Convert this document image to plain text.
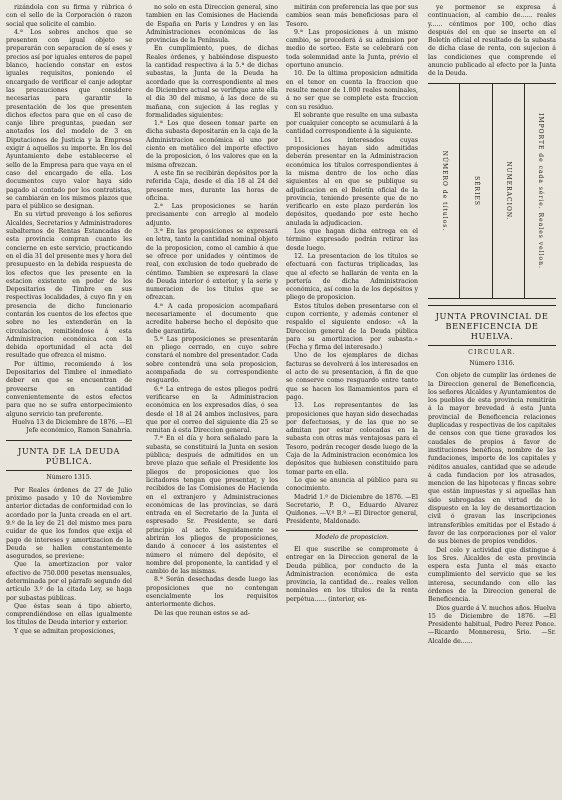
rizándola con su firma y rúbrica ó con el sello de la Corporación ó razon social que solicite el cambio.

4.ª Los sobres anchos que se presenten con igual objeto se prepararán con separacion de sí eses y precios así por iguales enteros de papel blanco, haciendo constar en estos iguales requisitos, poniendo el encargado de verificar el canje adoptar las precauciones que considere necesarias para garantir la presentación de los que presenten dichos efectos para que en el caso de canje libre preguntas, puedan ser anotados los del modelo de 3 en Diputaciones de Justicia y la Empresa exigir á aquellos su importe. En los del Ayuntamiento debe establecerse el sello de la Empresa para que vaya en el caso del encargado de ella. Los documentos cuyo valor haya sido pagado al contado por los contratistas, se cambiarán en los mismos plazos que para el público se designan.

En su virtud prevengo á los señores Alcaldes, Secretarios y Administradores subalternos de Rentas Estancadas de esta provincia compran cuanto les concierne en este servicio, practicando en el día 31 del presente mes y hora del presupuesto en la debida respuesta de los efectos que les presente en la estacion existente en poder de los Depositarios de Timbre en sus respectivas localidades, á cuyo fin y en presencia de dicho funcionario contarán los cuentos de los efectos que sobre no les extenderán en la circulacion, remitiéndose á esta Administracion económica con la debida oportunidad el acta del resultado que ofrezca el mismo.

Por último, recomiendo á los Depositarios del Timbre el inmediato deber en que se encuentran de proveerse en cantidad convenientemente de estos efectos para que no se sufra entorpecimiento alguno servicio tan preferente.

Huelva 13 de Diciembre de 1876. —El Jefe económico, Ramon Sanabria.

JUNTA DE LA DEUDA PÚBLICA.

Número 1315.

Por Reales órdenes de 27 de Julio próximo pasado y 10 de Noviembre anterior dictadas de conformidad con lo acordado por la Junta creada en el art. 9.º de la ley de 21 del mismo mes para cuidar de que los fondos que exija el pago de intereses y amortizacion de la Deuda se hallen constantemente asegurados, se previene:

Que la amortizacion por valor efectivo de 750.000 pesetas mensuales, determinada por el párrafo segundo del artículo 3.º de la citada Ley, se haga por subastas públicas.

Que éstas sean á tipo abierto, comprendiéndose en ellas igualmente los títulos de Deuda interior y exterior.

Y que se admitan proposiciones,

no solo en esta Direccion general, sino tambien en las Comisiones de Hacienda de España en Paris y Londres y en las Administraciones económicas de las provincias de la Península.

En cumplimiento, pues, de dichas Reales órdenes, y habiéndose dispuesto la cantidad respectiva á la 5.ª de dichas subastas, la Junta de la Deuda ha acordado que la correspondiente al mes de Diciembre actual se verifique ante ella el dia 30 del mismo, á las doce de su mañana, con sujecion á las reglas y formalidades siguientes:

1.ª Los que deseen tomar parte en dicha subasta depositarán en la caja de la Administracion económica el uno por ciento en metálico del importe efectivo de la proposicion, ó los valores que en la misma ofrezcan.

A este fin se recibirán depósitos por la referida Caja, desde el día 18 al 24 del presente mes, durante las horas de oficina.

2.ª Las proposiciones se harán precisamente con arreglo al modelo adjunto.

3.ª En las proposiciones se expresará en letra, tanto la cantidad nominal objeto de la proposicion, como el cambio á que se ofrece por unidades y céntimos de real, con exclusion de todo quebrado de céntimo. Tambien se expresará la clase de Deuda interior ó exterior, y la serie y numeracion de los títulos que se ofrezcan.

4.ª A cada proposicion acompañará necesariamente el documento que acredite haberse hecho el depósito que debe garantirla.

5.ª Las proposiciones se presentarán en pliego cerrado, en cuyo sobre constará el nombre del presentador. Cada sobre contendrá una sola proposicion, acompañada de su correspondiente resguardo.

6.ª La entrega de estos pliegos podrá verificarse en la Administracion económica en los expresados días, ó sea desde el 18 al 24 ambos inclusives, para que por el correo del siguiente día 25 se remitan á esta Direccion general.

7.ª En el día y hora señalado para la subasta, se constituirá la Junta en sesion pública; después de admitidos en un breve plazo que señale el Presidente los pliegos de proposiciones que los licitadores tengan que presentar, y los recibidos de las Comisiones de Hacienda en el extranjero y Administraciones económicas de las provincias, se dará entrada en el Secretario de la Junta el espresado Sr. Presidente, se dará principio al acto. Seguidamente se abrirán los pliegos de proposiciones, dando á conocer á los asistentes el número el número del depósito, el nombre del proponente, la cantidad y el cambio de las mismas.

8.ª Serán desechadas desde luego las proposiciones que no contengan esencialmente los requisitos anteriormente dichos.

De las que reunan estos se ad-

mitirán con preferencia las que por sus cambios sean más beneficiosas para el Tesoro.

9.ª Las proposiciones á un mismo cambio, se procederá á su admision por medio de sorteo. Este se celebrará con toda solemnidad ante la Junta, prévio el oportuno anuncio.

10. De la última proposicion admitida en el tenor en cuenta la fraccion que resulte menor de 1.000 reales nominales, á no ser que se complete esta fraccion con su residuo.

El sobrante que resulte en una subasta por cualquier concepto se acumulará á la cantidad correspondiente á la siguiente.

11. Los interesados cuyas proposiciones hayan sido admitidas deberán presentar en la Administracion económica los títulos correspondientes á la misma dentro de los ocho días siguientes al en que se publique su adjudicacion en el Boletín oficial de la provincia, teniendo presente que de no verificarlo en este plazo perderán los depósitos, quedando por este hecho anulada la adjudicacion.

Los que hagan dicha entrega en el término expresado podrán retirar las desde luego.

12. La presentacion de los títulos se efectuará con facturas triplicadas, las que al efecto se hallarán de venta en la portería de dicha Administracion económica, así como la de los depósitos y pliego de proposicion.

Estos títulos deben presentarse con el cupon corriente, y además contener el respaldo el siguiente endoso: «A la Direccion general de la Deuda pública para su amortizacion por subasta.» (Fecha y firma del interesado.)

Uno de los ejemplares de dichas facturas se devolverá á los interesados en el acto de su presentacion, á fin de que se conserve como resguardo entre tanto que se hacen los llamamientos para el pago.

13. Los representantes de las proposiciones que hayan sido desechadas por defectuosas, y de las que no se admitan por estar colocadas en la subasta con otras más ventajosas para el Tesoro, podrán recoger desde luego de la Caja de la Administracion económica los depósitos que hubiesen constituido para tomar parte en ella.

Lo que se anuncia al público para su conocimiento.

Madrid 1.º de Diciembre de 1876. —El Secretario, P. O., Eduardo Alvarez Quiñones. —V.º B.º —El Director general, Presidente, Maldonado.

Modelo de proposicion.

El que suscribe se compromete á entregar en la Direccion general de la Deuda pública, por conducto de la Administracion económica de esta provincia, la cantidad de... reales vellon nominales en los títulos de la renta perpétua...... (interior, ex-

ye pormenor se expresa á continuacion, al cambio de...... reales y...... céntimos por 100, ocho días después del en que se inserte en el Boletín oficial el resultado de la subasta de dicha clase de renta, con sujecion á las condiciones que comprende el anuncio publicado al efecto por la Junta de la Deuda.

NÚMERO de títulos.	SÉRIES	NUMERACION.	IMPORTE de cada série. Reales vellon.

JUNTA PROVINCIAL DE BENEFICENCIA DE HUELVA.

CIRCULAR.

Número 1316.

Con objeto de cumplir las órdenes de la Direccion general de Beneficencia, los señores Alcaldes y Ayuntamientos de los pueblos de esta provincia remitirán á la mayor brevedad á esta Junta provincial de Beneficencia relaciones duplicadas y respectivas de los capitales de censos con que tiene gravados los caudales de propios á favor de instituciones benéficas, nombre de las fundaciones, importe de los capitales y réditos anuales, cantidad que se adeude á cada fundacion por los atrasados, mencion de las hipotecas y fincas sobre que están impuestas y si aquellas han sido subrogadas en virtud de lo dispuesto en la ley de desamortizacion civil ó gravan las inscripciones intransferibles emitidas por el Estado á favor de las corporaciones por el valor de sus bienes de propios vendidos.

Del celo y actividad que distingue á los Sres. Alcaldes de esta provincia espera esta Junta el más exacto cumplimiento del servicio que se les interesa, secundando con ello las órdenes de la Direccion general de Beneficencia.

Dios guarde á V. muchos años. Huelva 15 de Diciembre de 1876. —El Presidente habitual, Pedro Perez Ponce. —Ricardo Monneresu, Srio. —Sr. Alcalde de......
